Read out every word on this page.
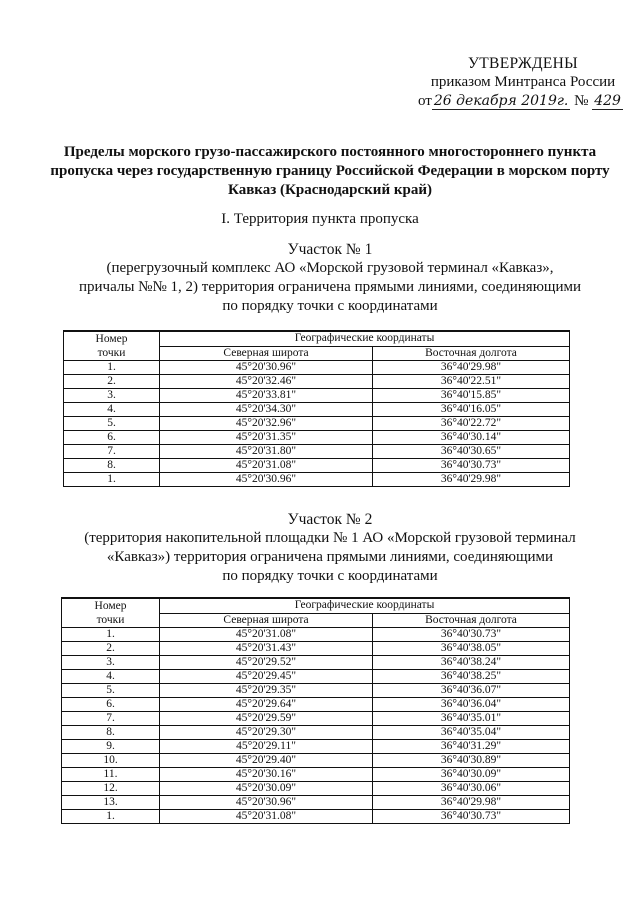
УТВЕРЖДЕНЫ
приказом Минтранса России
от 26 декабря 2019г. № 429
Пределы морского грузо-пассажирского постоянного многостороннего пункта пропуска через государственную границу Российской Федерации в морском порту Кавказ (Краснодарский край)
I. Территория пункта пропуска
Участок № 1
(перегрузочный комплекс АО «Морской грузовой терминал «Кавказ»,
причалы №№ 1, 2) территория ограничена прямыми линиями, соединяющими
по порядку точки с координатами
Номер
точки	Географические координаты	
	Северная широта	Восточная долгота
1.	45°20'30.96"	36°40'29.98"
2.	45°20'32.46"	36°40'22.51"
3.	45°20'33.81"	36°40'15.85"
4.	45°20'34.30"	36°40'16.05"
5.	45°20'32.96"	36°40'22.72"
6.	45°20'31.35"	36°40'30.14"
7.	45°20'31.80"	36°40'30.65"
8.	45°20'31.08"	36°40'30.73"
1.	45°20'30.96"	36°40'29.98"
Участок № 2
(территория накопительной площадки № 1 АО «Морской грузовой терминал
«Кавказ») территория ограничена прямыми линиями, соединяющими
по порядку точки с координатами
Номер
точки	Географические координаты	
	Северная широта	Восточная долгота
1.	45°20'31.08"	36°40'30.73"
2.	45°20'31.43"	36°40'38.05"
3.	45°20'29.52"	36°40'38.24"
4.	45°20'29.45"	36°40'38.25"
5.	45°20'29.35"	36°40'36.07"
6.	45°20'29.64"	36°40'36.04"
7.	45°20'29.59"	36°40'35.01"
8.	45°20'29.30"	36°40'35.04"
9.	45°20'29.11"	36°40'31.29"
10.	45°20'29.40"	36°40'30.89"
11.	45°20'30.16"	36°40'30.09"
12.	45°20'30.09"	36°40'30.06"
13.	45°20'30.96"	36°40'29.98"
1.	45°20'31.08"	36°40'30.73"
